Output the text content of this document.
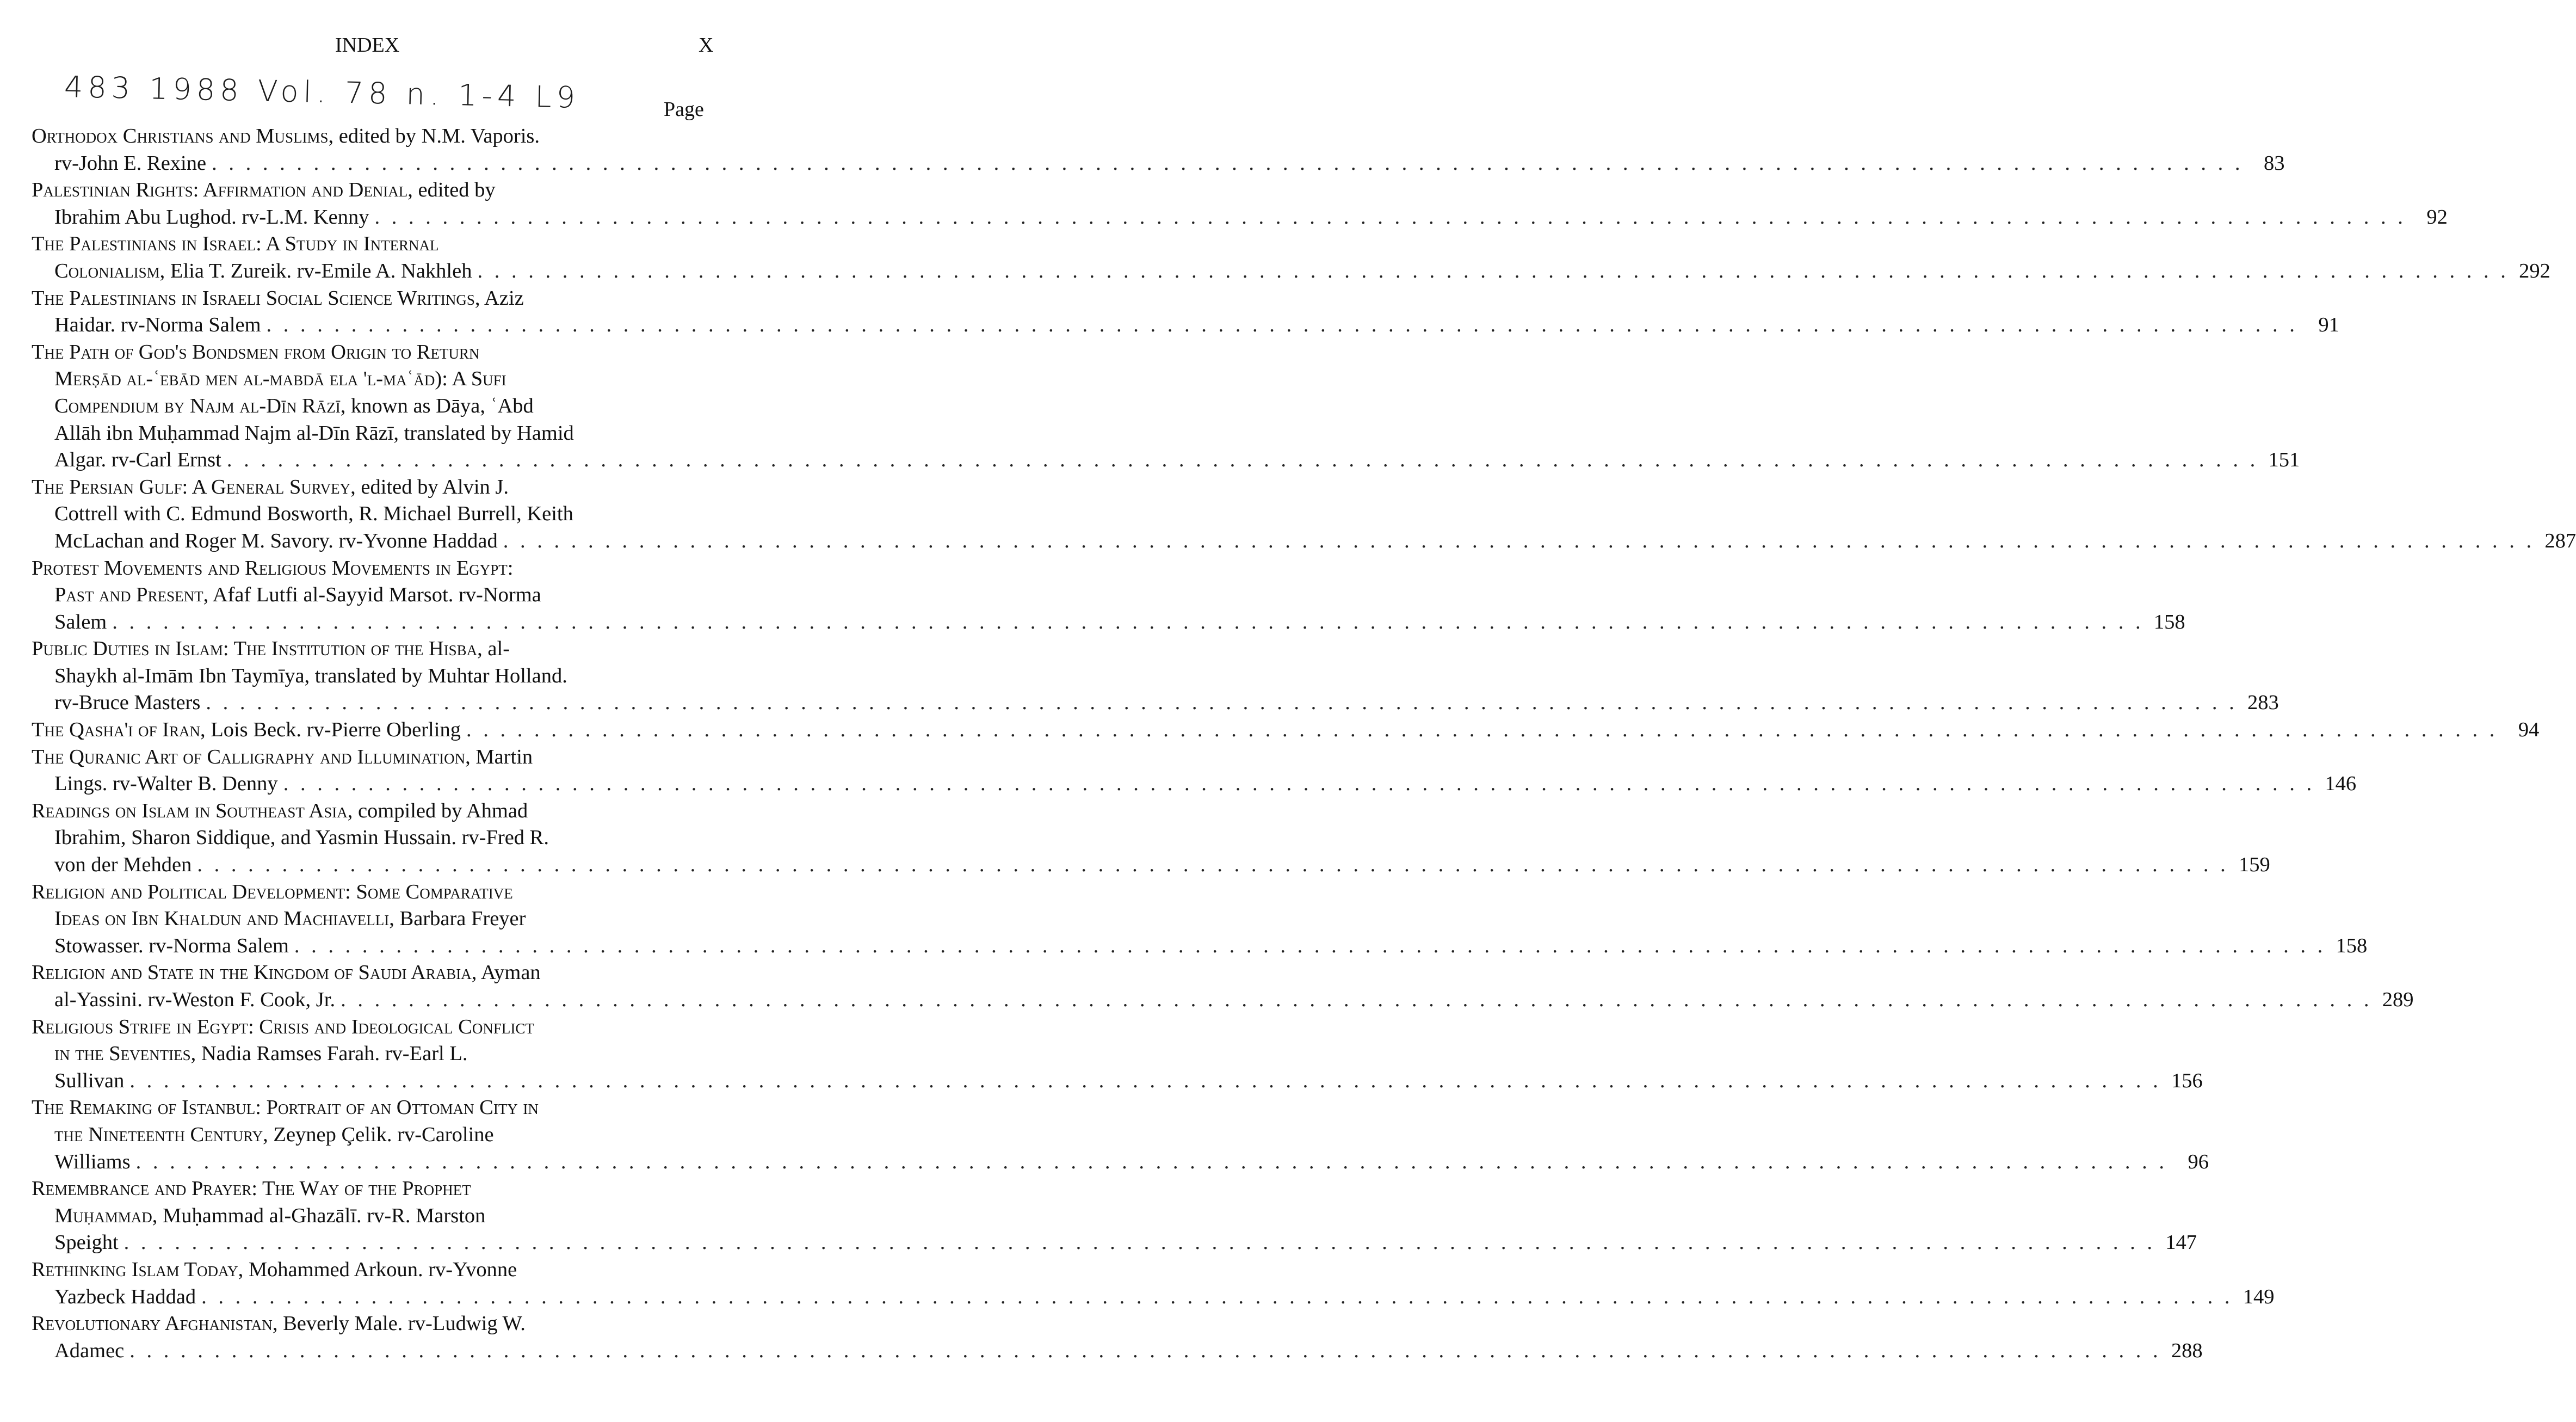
INDEX	X
483 1988 Vol. 78 n. 1-4 L9	Page
Orthodox Christians and Muslims, edited by N.M. Vaporis.
rv-John E. Rexine . . . . . . . . . . . . . . . . . . . . . . . . . . . . . . . . . . . . . . . . . . . . . . . . . . . . . . . . . . . . . . . . . . . . . . . . . . . . . . . . . . . . . . . . . . . . . . . . . . . . . . . . . . . . . . . . . . . . . . . . 83
Palestinian Rights: Affirmation and Denial, edited by
Ibrahim Abu Lughod. rv-L.M. Kenny . . . . . . . . . . . . . . . . . . . . . . . . . . . . . . . . . . . . . . . . . . . . . . . . . . . . . . . . . . . . . . . . . . . . . . . . . . . . . . . . . . . . . . . . . . . . . . . . . . . . . . . . . . . . . . . . . . . . . . . . 92
The Palestinians in Israel: A Study in Internal
Colonialism, Elia T. Zureik. rv-Emile A. Nakhleh . . . . . . . . . . . . . . . . . . . . . . . . . . . . . . . . . . . . . . . . . . . . . . . . . . . . . . . . . . . . . . . . . . . . . . . . . . . . . . . . . . . . . . . . . . . . . . . . . . . . . . . . . . . . . . . . . . . . . . . . 292
The Palestinians in Israeli Social Science Writings, Aziz
Haidar. rv-Norma Salem . . . . . . . . . . . . . . . . . . . . . . . . . . . . . . . . . . . . . . . . . . . . . . . . . . . . . . . . . . . . . . . . . . . . . . . . . . . . . . . . . . . . . . . . . . . . . . . . . . . . . . . . . . . . . . . . . . . . . . . . 91
The Path of God's Bondsmen from Origin to Return
Merṣād al-ʿebād men al-mabdā ela 'l-maʿād): A Sufi
Compendium by Najm al-Dīn Rāzī, known as Dāya, ʿAbd
Allāh ibn Muḥammad Najm al-Dīn Rāzī, translated by Hamid
Algar. rv-Carl Ernst . . . . . . . . . . . . . . . . . . . . . . . . . . . . . . . . . . . . . . . . . . . . . . . . . . . . . . . . . . . . . . . . . . . . . . . . . . . . . . . . . . . . . . . . . . . . . . . . . . . . . . . . . . . . . . . . . . . . . . . . 151
The Persian Gulf: A General Survey, edited by Alvin J.
Cottrell with C. Edmund Bosworth, R. Michael Burrell, Keith
McLachan and Roger M. Savory. rv-Yvonne Haddad . . . . . . . . . . . . . . . . . . . . . . . . . . . . . . . . . . . . . . . . . . . . . . . . . . . . . . . . . . . . . . . . . . . . . . . . . . . . . . . . . . . . . . . . . . . . . . . . . . . . . . . . . . . . . . . . . . . . . . . . 287
Protest Movements and Religious Movements in Egypt:
Past and Present, Afaf Lutfi al-Sayyid Marsot. rv-Norma
Salem . . . . . . . . . . . . . . . . . . . . . . . . . . . . . . . . . . . . . . . . . . . . . . . . . . . . . . . . . . . . . . . . . . . . . . . . . . . . . . . . . . . . . . . . . . . . . . . . . . . . . . . . . . . . . . . . . . . . . . . . 158
Public Duties in Islam: The Institution of the Hisba, al-
Shaykh al-Imām Ibn Taymīya, translated by Muhtar Holland.
rv-Bruce Masters . . . . . . . . . . . . . . . . . . . . . . . . . . . . . . . . . . . . . . . . . . . . . . . . . . . . . . . . . . . . . . . . . . . . . . . . . . . . . . . . . . . . . . . . . . . . . . . . . . . . . . . . . . . . . . . . . . . . . . . . 283
The Qasha'i of Iran, Lois Beck. rv-Pierre Oberling . . . . . . . . . . . . . . . . . . . . . . . . . . . . . . . . . . . . . . . . . . . . . . . . . . . . . . . . . . . . . . . . . . . . . . . . . . . . . . . . . . . . . . . . . . . . . . . . . . . . . . . . . . . . . . . . . . . . . . . . 94
The Quranic Art of Calligraphy and Illumination, Martin
Lings. rv-Walter B. Denny . . . . . . . . . . . . . . . . . . . . . . . . . . . . . . . . . . . . . . . . . . . . . . . . . . . . . . . . . . . . . . . . . . . . . . . . . . . . . . . . . . . . . . . . . . . . . . . . . . . . . . . . . . . . . . . . . . . . . . . . 146
Readings on Islam in Southeast Asia, compiled by Ahmad
Ibrahim, Sharon Siddique, and Yasmin Hussain. rv-Fred R.
von der Mehden . . . . . . . . . . . . . . . . . . . . . . . . . . . . . . . . . . . . . . . . . . . . . . . . . . . . . . . . . . . . . . . . . . . . . . . . . . . . . . . . . . . . . . . . . . . . . . . . . . . . . . . . . . . . . . . . . . . . . . . . 159
Religion and Political Development: Some Comparative
Ideas on Ibn Khaldun and Machiavelli, Barbara Freyer
Stowasser. rv-Norma Salem . . . . . . . . . . . . . . . . . . . . . . . . . . . . . . . . . . . . . . . . . . . . . . . . . . . . . . . . . . . . . . . . . . . . . . . . . . . . . . . . . . . . . . . . . . . . . . . . . . . . . . . . . . . . . . . . . . . . . . . . 158
Religion and State in the Kingdom of Saudi Arabia, Ayman
al-Yassini. rv-Weston F. Cook, Jr. . . . . . . . . . . . . . . . . . . . . . . . . . . . . . . . . . . . . . . . . . . . . . . . . . . . . . . . . . . . . . . . . . . . . . . . . . . . . . . . . . . . . . . . . . . . . . . . . . . . . . . . . . . . . . . . . . . . . . . . . 289
Religious Strife in Egypt: Crisis and Ideological Conflict
in the Seventies, Nadia Ramses Farah. rv-Earl L.
Sullivan . . . . . . . . . . . . . . . . . . . . . . . . . . . . . . . . . . . . . . . . . . . . . . . . . . . . . . . . . . . . . . . . . . . . . . . . . . . . . . . . . . . . . . . . . . . . . . . . . . . . . . . . . . . . . . . . . . . . . . . . 156
The Remaking of Istanbul: Portrait of an Ottoman City in
the Nineteenth Century, Zeynep Çelik. rv-Caroline
Williams . . . . . . . . . . . . . . . . . . . . . . . . . . . . . . . . . . . . . . . . . . . . . . . . . . . . . . . . . . . . . . . . . . . . . . . . . . . . . . . . . . . . . . . . . . . . . . . . . . . . . . . . . . . . . . . . . . . . . . . . 96
Remembrance and Prayer: The Way of the Prophet
Muḥammad, Muḥammad al-Ghazālī. rv-R. Marston
Speight . . . . . . . . . . . . . . . . . . . . . . . . . . . . . . . . . . . . . . . . . . . . . . . . . . . . . . . . . . . . . . . . . . . . . . . . . . . . . . . . . . . . . . . . . . . . . . . . . . . . . . . . . . . . . . . . . . . . . . . . 147
Rethinking Islam Today, Mohammed Arkoun. rv-Yvonne
Yazbeck Haddad . . . . . . . . . . . . . . . . . . . . . . . . . . . . . . . . . . . . . . . . . . . . . . . . . . . . . . . . . . . . . . . . . . . . . . . . . . . . . . . . . . . . . . . . . . . . . . . . . . . . . . . . . . . . . . . . . . . . . . . . 149
Revolutionary Afghanistan, Beverly Male. rv-Ludwig W.
Adamec . . . . . . . . . . . . . . . . . . . . . . . . . . . . . . . . . . . . . . . . . . . . . . . . . . . . . . . . . . . . . . . . . . . . . . . . . . . . . . . . . . . . . . . . . . . . . . . . . . . . . . . . . . . . . . . . . . . . . . . . 288
